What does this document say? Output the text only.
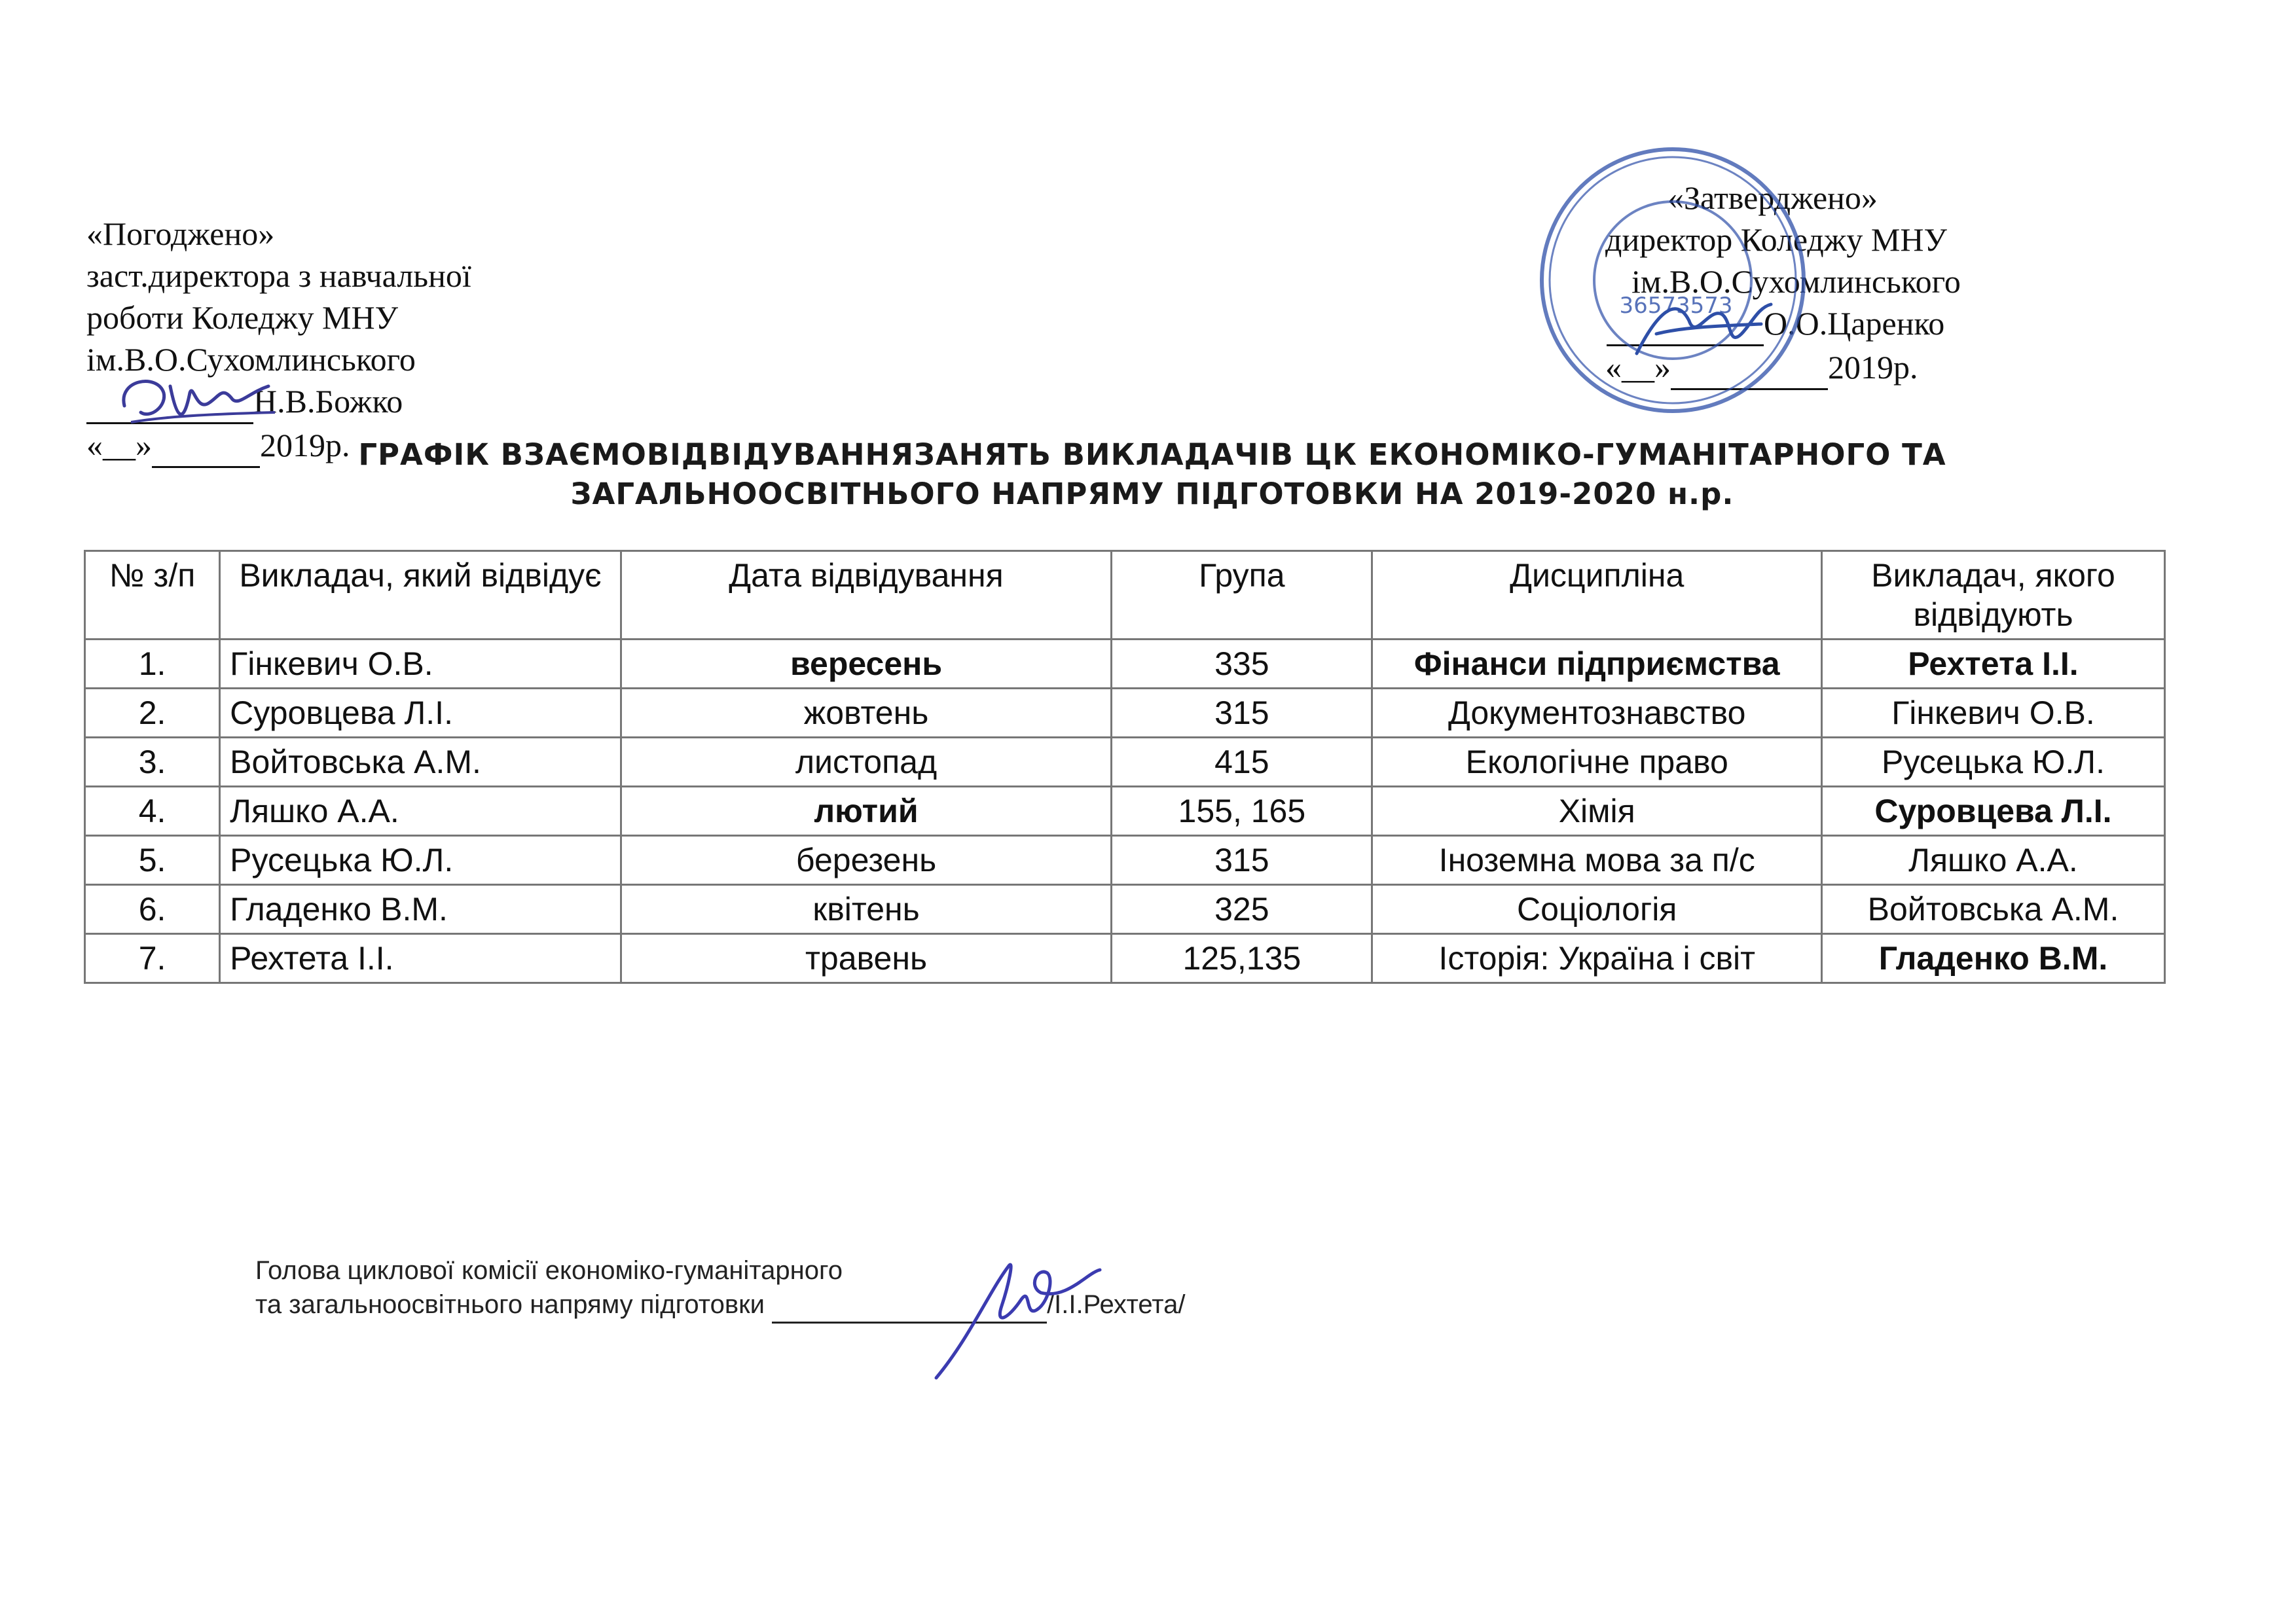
«Погоджено»
заст.директора з навчальної
роботи Коледжу МНУ
ім.В.О.Сухомлинського
Н.В.Божко
«__»	2019р.
«Затверджено»
директор Коледжу МНУ
ім.В.О.Сухомлинського
О.О.Царенко
«__»	2019р.
36573573
ГРАФІК ВЗАЄМОВІДВІДУВАННЯЗАНЯТЬ ВИКЛАДАЧІВ ЦК ЕКОНОМІКО-ГУМАНІТАРНОГО ТА
ЗАГАЛЬНООСВІТНЬОГО НАПРЯМУ ПІДГОТОВКИ НА 2019-2020 н.р.
№ з/п	Викладач, який відвідує	Дата відвідування	Група	Дисципліна	Викладач, якого відвідують
1.	Гінкевич О.В.	вересень	335	Фінанси підприємства	Рехтета І.І.
2.	Суровцева Л.І.	жовтень	315	Документознавство	Гінкевич О.В.
3.	Войтовська А.М.	листопад	415	Екологічне право	Русецька Ю.Л.
4.	Ляшко А.А.	лютий	155, 165	Хімія	Суровцева Л.І.
5.	Русецька Ю.Л.	березень	315	Іноземна мова за п/с	Ляшко А.А.
6.	Гладенко В.М.	квітень	325	Соціологія	Войтовська А.М.
7.	Рехтета І.І.	травень	125,135	Історія: Україна і світ	Гладенко В.М.
Голова циклової комісії економіко-гуманітарного
та загальноосвітнього напряму підготовки	/І.І.Рехтета/
